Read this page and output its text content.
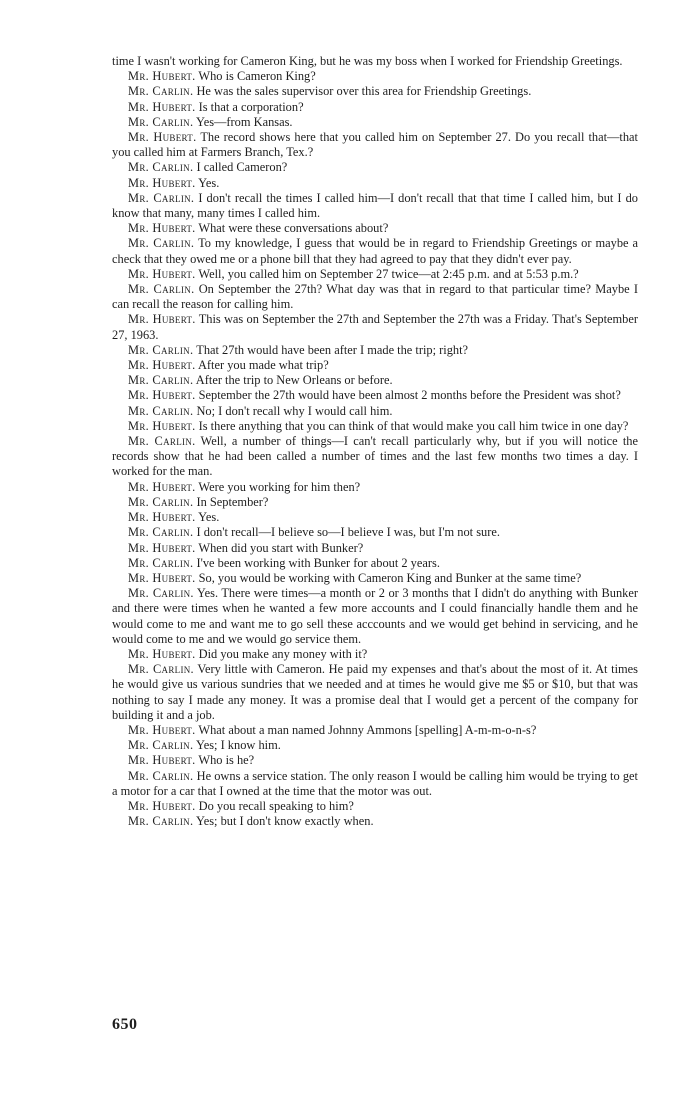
time I wasn't working for Cameron King, but he was my boss when I worked for Friendship Greetings.

Mr. Hubert. Who is Cameron King?

Mr. Carlin. He was the sales supervisor over this area for Friendship Greetings.

Mr. Hubert. Is that a corporation?

Mr. Carlin. Yes—from Kansas.

Mr. Hubert. The record shows here that you called him on September 27. Do you recall that—that you called him at Farmers Branch, Tex.?

Mr. Carlin. I called Cameron?

Mr. Hubert. Yes.

Mr. Carlin. I don't recall the times I called him—I don't recall that that time I called him, but I do know that many, many times I called him.

Mr. Hubert. What were these conversations about?

Mr. Carlin. To my knowledge, I guess that would be in regard to Friendship Greetings or maybe a check that they owed me or a phone bill that they had agreed to pay that they didn't ever pay.

Mr. Hubert. Well, you called him on September 27 twice—at 2:45 p.m. and at 5:53 p.m.?

Mr. Carlin. On September the 27th? What day was that in regard to that particular time? Maybe I can recall the reason for calling him.

Mr. Hubert. This was on September the 27th and September the 27th was a Friday. That's September 27, 1963.

Mr. Carlin. That 27th would have been after I made the trip; right?

Mr. Hubert. After you made what trip?

Mr. Carlin. After the trip to New Orleans or before.

Mr. Hubert. September the 27th would have been almost 2 months before the President was shot?

Mr. Carlin. No; I don't recall why I would call him.

Mr. Hubert. Is there anything that you can think of that would make you call him twice in one day?

Mr. Carlin. Well, a number of things—I can't recall particularly why, but if you will notice the records show that he had been called a number of times and the last few months two times a day. I worked for the man.

Mr. Hubert. Were you working for him then?

Mr. Carlin. In September?

Mr. Hubert. Yes.

Mr. Carlin. I don't recall—I believe so—I believe I was, but I'm not sure.

Mr. Hubert. When did you start with Bunker?

Mr. Carlin. I've been working with Bunker for about 2 years.

Mr. Hubert. So, you would be working with Cameron King and Bunker at the same time?

Mr. Carlin. Yes. There were times—a month or 2 or 3 months that I didn't do anything with Bunker and there were times when he wanted a few more accounts and I could financially handle them and he would come to me and want me to go sell these acccounts and we would get behind in servicing, and he would come to me and we would go service them.

Mr. Hubert. Did you make any money with it?

Mr. Carlin. Very little with Cameron. He paid my expenses and that's about the most of it. At times he would give us various sundries that we needed and at times he would give me $5 or $10, but that was nothing to say I made any money. It was a promise deal that I would get a percent of the company for building it and a job.

Mr. Hubert. What about a man named Johnny Ammons [spelling] A-m-m-o-n-s?

Mr. Carlin. Yes; I know him.

Mr. Hubert. Who is he?

Mr. Carlin. He owns a service station. The only reason I would be calling him would be trying to get a motor for a car that I owned at the time that the motor was out.

Mr. Hubert. Do you recall speaking to him?

Mr. Carlin. Yes; but I don't know exactly when.

650
